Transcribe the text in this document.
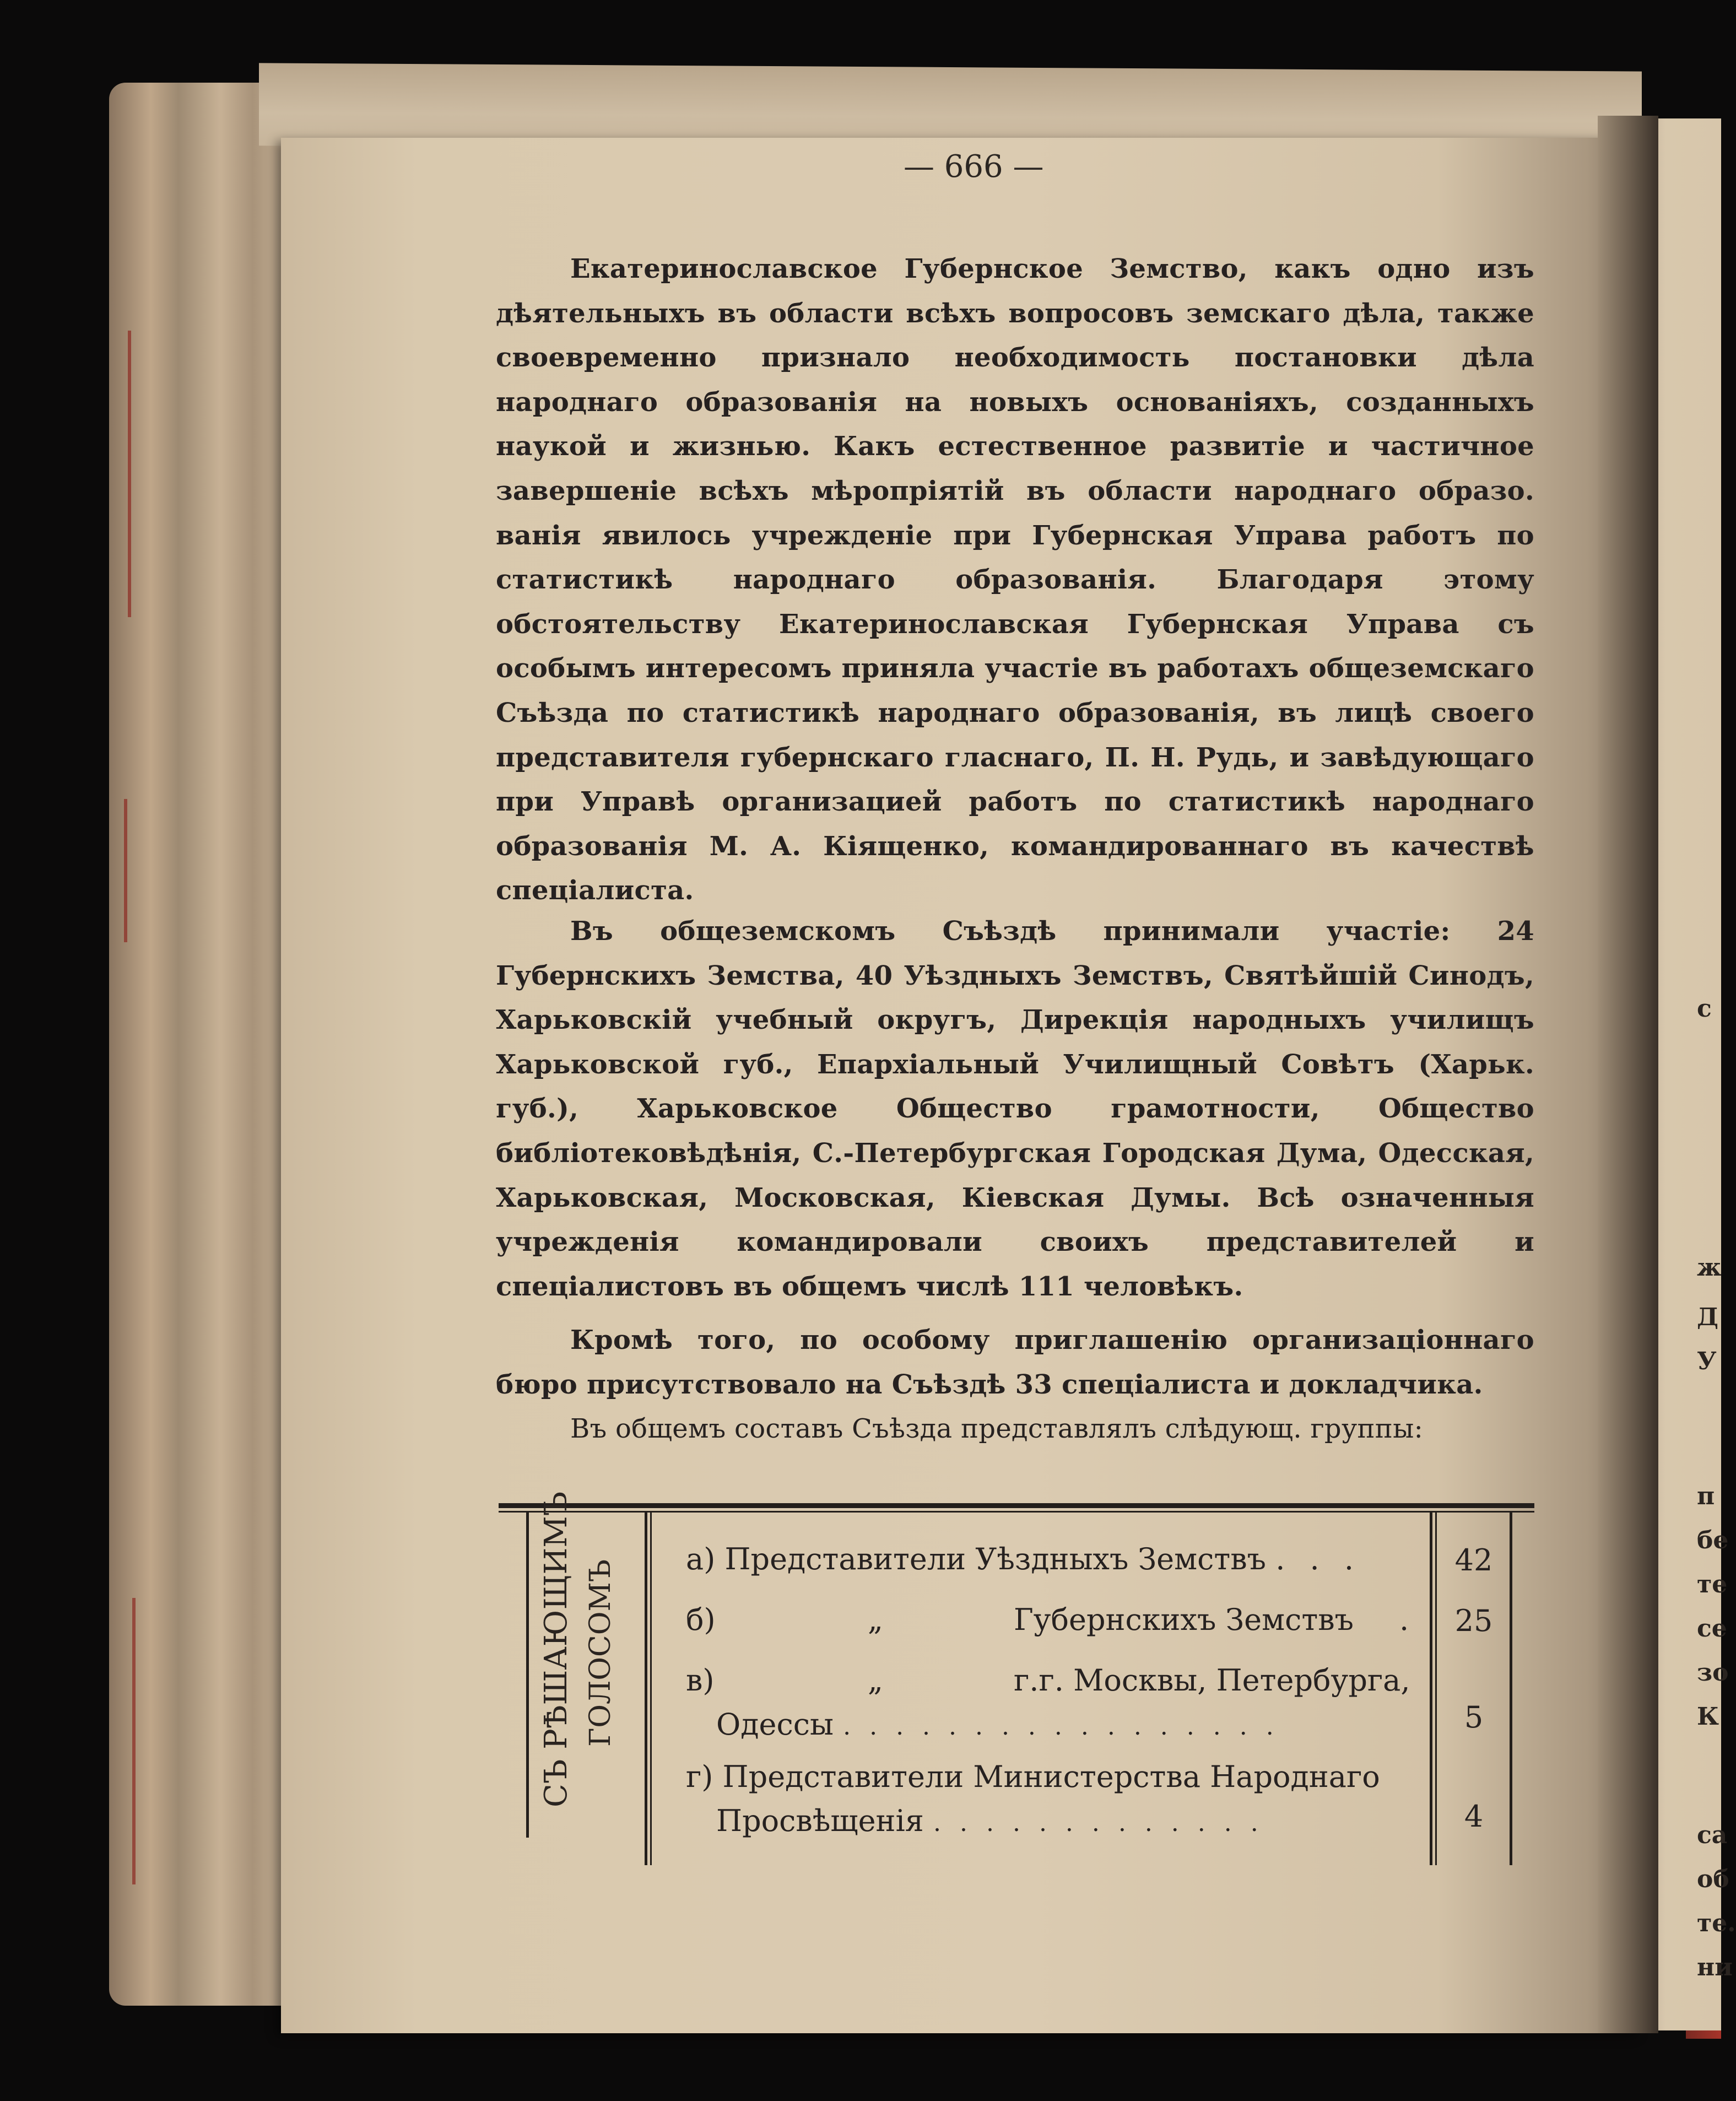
с
ж
Д
У
п
бе
те
се
зо
К
са
об
те.
ни
— 666 —
Екатеринославское Губернское Земство, какъ одно изъ дѣятельныхъ въ области всѣхъ вопросовъ земскаго дѣла, также своевременно признало необходимость постановки дѣла народнаго образованія на новыхъ основаніяхъ, созданныхъ наукой и жизнью. Какъ естественное развитіе и частичное завершеніе всѣхъ мѣропріятій въ области народнаго образо. ванія явилось учрежденіе при Губернская Управа работъ по статистикѣ народнаго образованія. Благодаря этому обстоятельству Екатеринославская Губернская Управа съ особымъ интересомъ приняла участіе въ работахъ общеземскаго Съѣзда по статистикѣ народнаго образованія, въ лицѣ своего представителя губернскаго гласнаго, П. Н. Рудь, и завѣдующаго при Управѣ организацией работъ по статистикѣ народнаго образованія М. А. Кіященко, командированнаго въ качествѣ спеціалиста.
Въ общеземскомъ Съѣздѣ принимали участіе: 24 Губернскихъ Земства, 40 Уѣздныхъ Земствъ, Святѣйшій Синодъ, Харьковскій учебный округъ, Дирекція народныхъ училищъ Харьковской губ., Епархіальный Училищный Совѣтъ (Харьк. губ.), Харьковское Общество грамотности, Общество библіотековѣдѣнія, С.-Петербургская Городская Дума, Одесская, Харьковская, Московская, Кіевская Думы. Всѣ означенныя учрежденія командировали своихъ представителей и спеціалистовъ въ общемъ числѣ 111 человѣкъ.
Кромѣ того, по особому приглашенію организаціоннаго бюро присутствовало на Съѣздѣ 33 спеціалиста и докладчика.
Въ общемъ составъ Съѣзда представлялъ слѣдующ. группы:
СЪ РѢШАЮЩИМЪ ГОЛОСОМЪ
а) Представители Уѣздныхъ Земствъ . . .	42
б)	„	Губернскихъ Земствъ .	25
в)	„	г.г. Москвы, Петербурга,
Одессы . . . . . . . . . . . . . . . . .	5
г) Представители Министерства Народнаго
Просвѣщенія . . . . . . . . . . . . .	4
